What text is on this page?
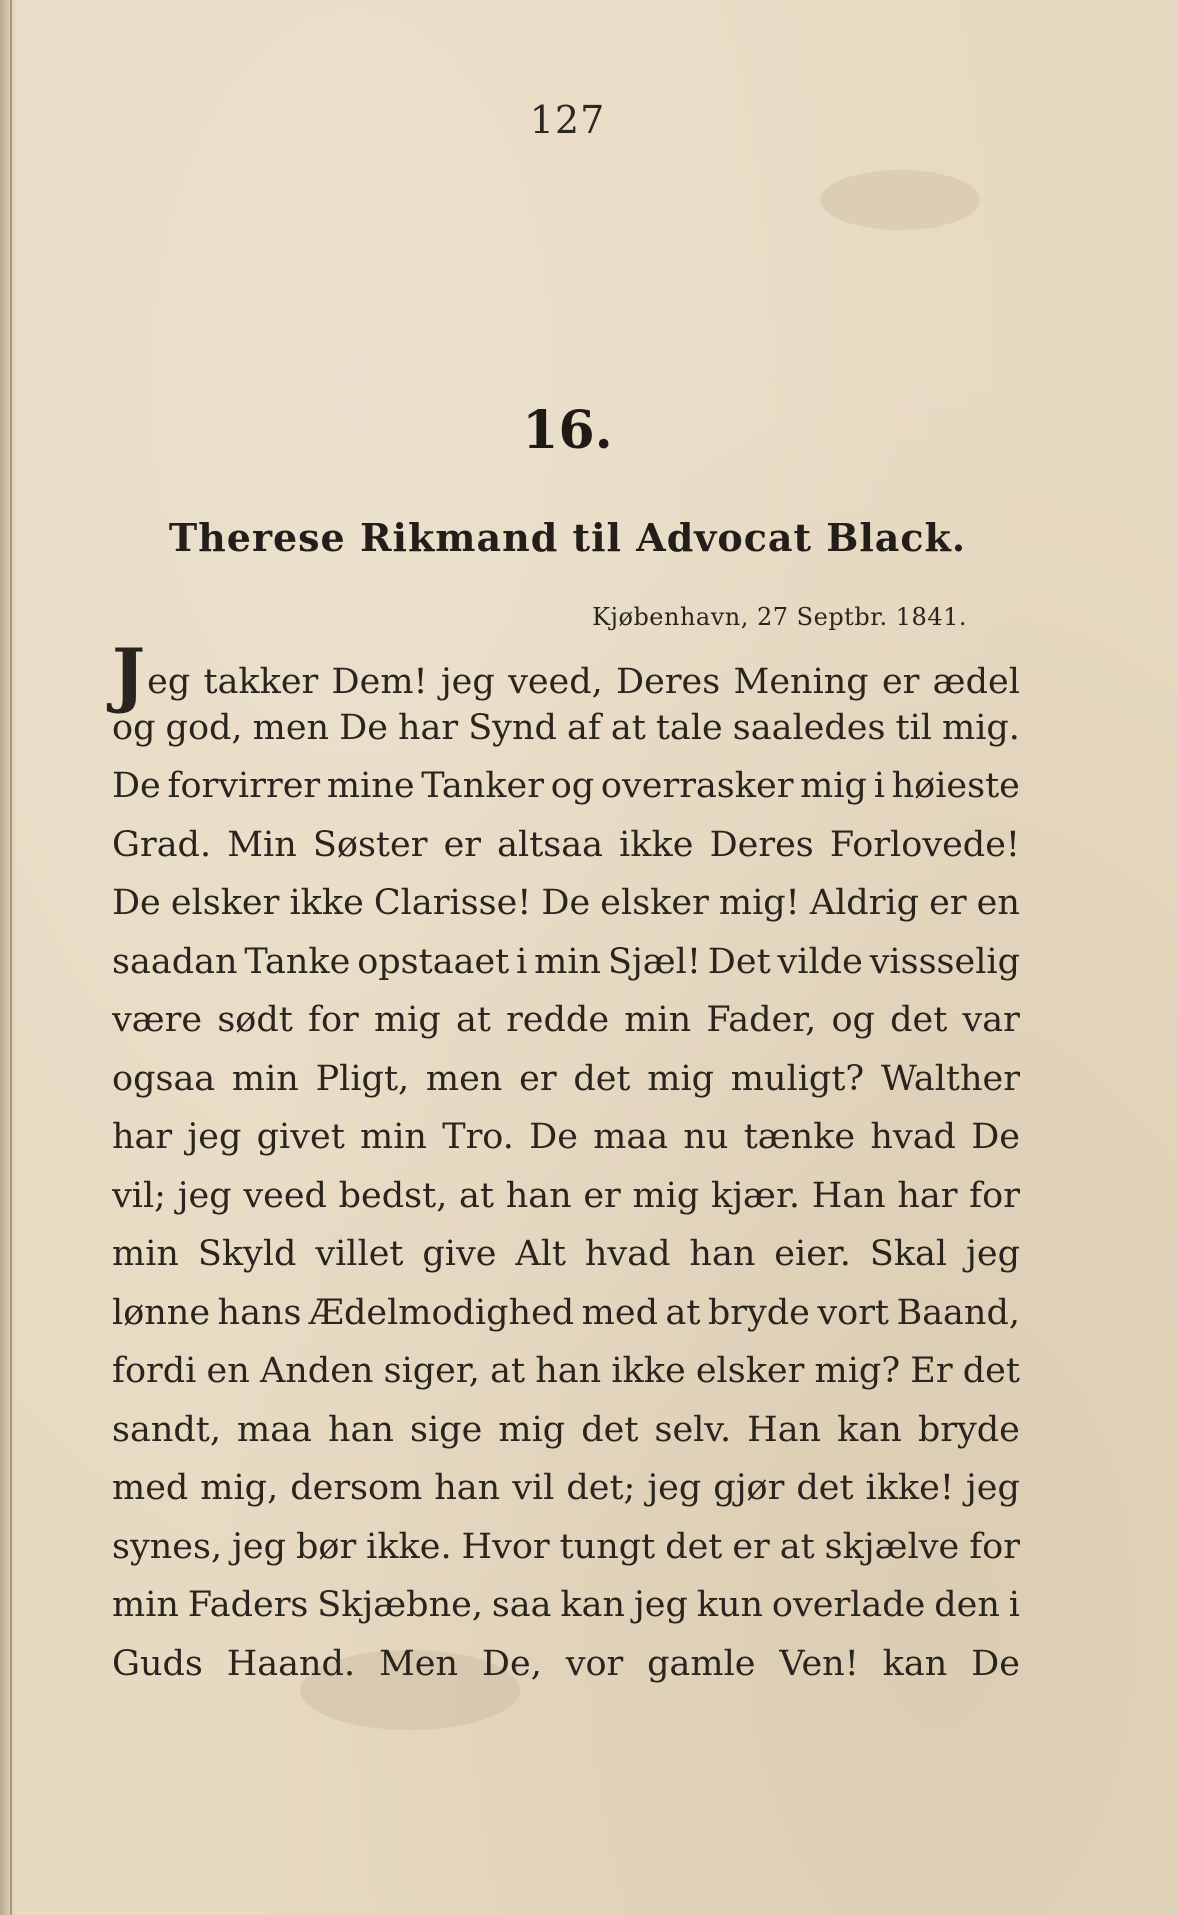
127
16.
Therese Rikmand til Advocat Black.
Kjøbenhavn, 27 Septbr. 1841.
Jeg takker Dem! jeg veed, Deres Mening er ædel
og god, men De har Synd af at tale saaledes til mig.
De forvirrer mine Tanker og overrasker mig i høieste
Grad. Min Søster er altsaa ikke Deres Forlovede!
De elsker ikke Clarisse! De elsker mig! Aldrig er en
saadan Tanke opstaaet i min Sjæl! Det vilde vissselig
være sødt for mig at redde min Fader, og det var
ogsaa min Pligt, men er det mig muligt? Walther
har jeg givet min Tro. De maa nu tænke hvad De
vil; jeg veed bedst, at han er mig kjær. Han har for
min Skyld villet give Alt hvad han eier. Skal jeg
lønne hans Ædelmodighed med at bryde vort Baand,
fordi en Anden siger, at han ikke elsker mig? Er det
sandt, maa han sige mig det selv. Han kan bryde
med mig, dersom han vil det; jeg gjør det ikke! jeg
synes, jeg bør ikke. Hvor tungt det er at skjælve for
min Faders Skjæbne, saa kan jeg kun overlade den i
Guds Haand. Men De, vor gamle Ven! kan De
